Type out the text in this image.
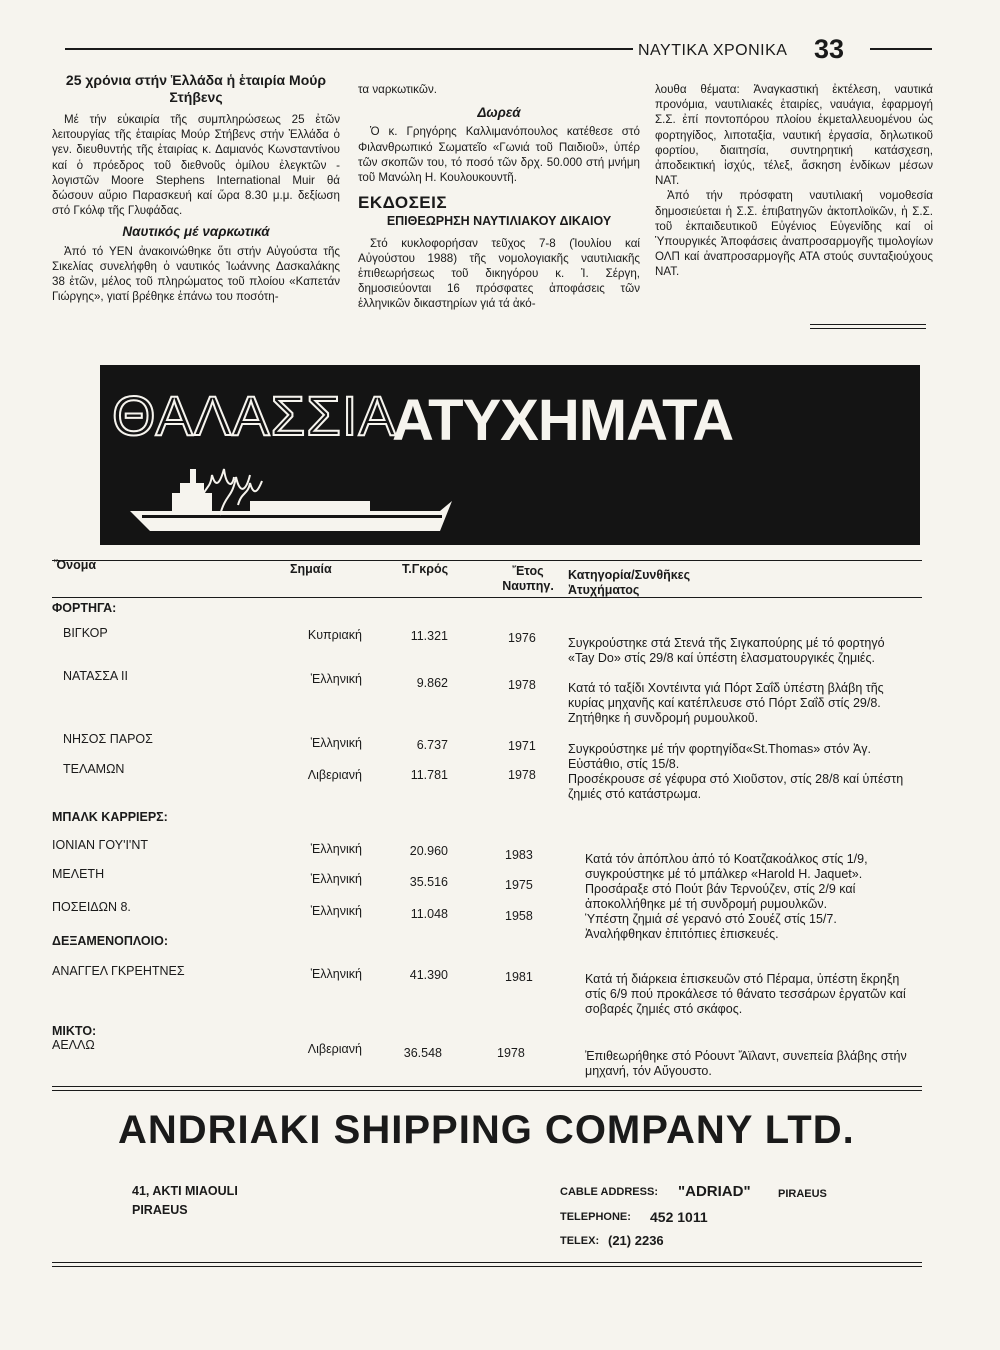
ΝΑΥΤΙΚΑ ΧΡΟΝΙΚΑ 33
25 χρόνια στήν Ἑλλάδα ἡ ἑταιρία Μούρ Στήβενς

Μέ τήν εὐκαιρία τῆς συμπληρώσεως 25 ἐτῶν λειτουργίας τῆς ἑταιρίας Μούρ Στήβενς στήν Ἑλλάδα ὁ γεν. διευθυντής τῆς ἑταιρίας κ. Δαμιανός Κωνσταντίνου καί ὁ πρόεδρος τοῦ διεθνοῦς ὁμίλου ἐλεγκτῶν - λογιστῶν Moore Stephens International Muir θά δώσουν αὔριο Παρασκευή καί ὥρα 8.30 μ.μ. δεξίωση στό Γκόλφ τῆς Γλυφάδας.

Ναυτικός μέ ναρκωτικά

Ἀπό τό ΥΕΝ ἀνακοινώθηκε ὅτι στήν Αὐγούστα τῆς Σικελίας συνελήφθη ὁ ναυτικός Ἰωάννης Δασκαλάκης 38 ἐτῶν, μέλος τοῦ πληρώματος τοῦ πλοίου «Καπετάν Γιώργης», γιατί βρέθηκε ἐπάνω του ποσότη-

τα ναρκωτικῶν.

Δωρεά

Ὁ κ. Γρηγόρης Καλλιμανόπουλος κατέθεσε στό Φιλανθρωπικό Σωματεῖο «Γωνιά τοῦ Παιδιοῦ», ὑπέρ τῶν σκοπῶν του, τό ποσό τῶν δρχ. 50.000 στή μνήμη τοῦ Μανώλη Η. Κουλουκουντῆ.

ΕΚΔΟΣΕΙΣ
ΕΠΙΘΕΩΡΗΣΗ ΝΑΥΤΙΛΙΑΚΟΥ ΔΙΚΑΙΟΥ

Στό κυκλοφορήσαν τεῦχος 7-8 (Ἰουλίου καί Αὐγούστου 1988) τῆς νομολογιακῆς ναυτιλιακῆς ἐπιθεωρήσεως τοῦ δικηγόρου κ. Ἰ. Σέργη, δημοσιεύονται 16 πρόσφατες ἀποφάσεις τῶν ἑλληνικῶν δικαστηρίων γιά τά ἀκό-

λουθα θέματα: Ἀναγκαστική ἐκτέλεση, ναυτικά προνόμια, ναυτιλιακές ἑταιρίες, ναυάγια, ἐφαρμογή Σ.Σ. ἐπί ποντοπόρου πλοίου ἐκμεταλλευομένου ὡς φορτηγίδος, λιποταξία, ναυτική ἐργασία, δηλωτικοῦ φορτίου, διαιτησία, συντηρητική κατάσχεση, ἀποδεικτική ἰσχύς, τέλεξ, ἄσκηση ἐνδίκων μέσων NAT.

Ἀπό τήν πρόσφατη ναυτιλιακή νομοθεσία δημοσιεύεται ἡ Σ.Σ. ἐπιβατηγῶν ἀκτοπλοϊκῶν, ἡ Σ.Σ. τοῦ ἐκπαιδευτικοῦ Εὐγένιος Εὐγενίδης καί οἱ Ὑπουργικές Ἀποφάσεις ἀναπροσαρμογῆς τιμολογίων ΟΛΠ καί ἀναπροσαρμογῆς ΑΤΑ στούς συνταξιούχους NAT.

ΘΑΛΑΣΣΙΑ
ΑΤΥΧΗΜΑΤΑ
Ὄνομα	Σημαία	Τ.Γκρός	Ἔτος Ναυπηγ.
Κατηγορία/Συνθῆκες Ἀτυχήματος
ΦΟΡΤΗΓΑ:
ΜΠΑΛΚ ΚΑΡΡΙΕΡΣ:
ΔΕΞΑΜΕΝΟΠΛΟΙΟ:
ΜΙΚΤΟ:
ΒΙΓΚΟΡ	Κυπριακή	11.321	1976	Συγκρούστηκε στά Στενά τῆς Σιγκαπούρης μέ τό φορτηγό «Tay Do» στίς 29/8 καί ὑπέστη ἐλασματουργικές ζημιές.
ΝΑΤΑΣΣΑ ΙΙ	Ἑλληνική	9.862	1978	Κατά τό ταξίδι Χοντέιντα γιά Πόρτ Σαΐδ ὑπέστη βλάβη τῆς κυρίας μηχανῆς καί κατέπλευσε στό Πόρτ Σαΐδ στίς 29/8. Ζητήθηκε ἡ συνδρομή ρυμουλκοῦ.
ΝΗΣΟΣ ΠΑΡΟΣ	Ἑλληνική	6.737	1971	Συγκρούστηκε μέ τήν φορτηγίδα«St.Thomas» στόν Ἁγ. Εὐστάθιο, στίς 15/8.
ΤΕΛΑΜΩΝ	Λιβεριανή	11.781	1978	Προσέκρουσε σέ γέφυρα στό Χιοῦστον, στίς 28/8 καί ὑπέστη ζημιές στό κατάστρωμα.
ΙΟΝΙΑΝ ΓΟΥ'Ι'ΝΤ	Ἑλληνική	20.960	1983	Κατά τόν ἀπόπλου ἀπό τό Κοατζακοάλκος στίς 1/9, συγκρούστηκε μέ τό μπάλκερ «Harold H. Jaquet».
ΜΕΛΕΤΗ	Ἑλληνική	35.516	1975	Προσάραξε στό Πούτ βάν Τερνούζεν, στίς 2/9 καί ἀποκολλήθηκε μέ τή συνδρομή ρυμουλκῶν.
ΠΟΣΕΙΔΩΝ 8.	Ἑλληνική	11.048	1958	Ὑπέστη ζημιά σέ γερανό στό Σουέζ στίς 15/7. Ἀναλήφθηκαν ἐπιτόπιες ἐπισκευές.
ΑΝΑΓΓΕΛ ΓΚΡΕΗΤΝΕΣ	Ἑλληνική	41.390	1981	Κατά τή διάρκεια ἐπισκευῶν στό Πέραμα, ὑπέστη ἔκρηξη στίς 6/9 πού προκάλεσε τό θάνατο τεσσάρων ἐργατῶν καί σοβαρές ζημιές στό σκάφος.
ΑΕΛΛΩ	Λιβεριανή	36.548	1978	Ἐπιθεωρήθηκε στό Ρόουντ Ἄϊλαντ, συνεπεία βλάβης στήν μηχανή, τόν Αὔγουστο.
ANDRIAKI SHIPPING COMPANY LTD.
41, AKTI MIAOULI
PIRAEUS
CABLE ADDRESS: "ADRIAD" PIRAEUS
TELEPHONE: 452 1011
TELEX: (21) 2236
